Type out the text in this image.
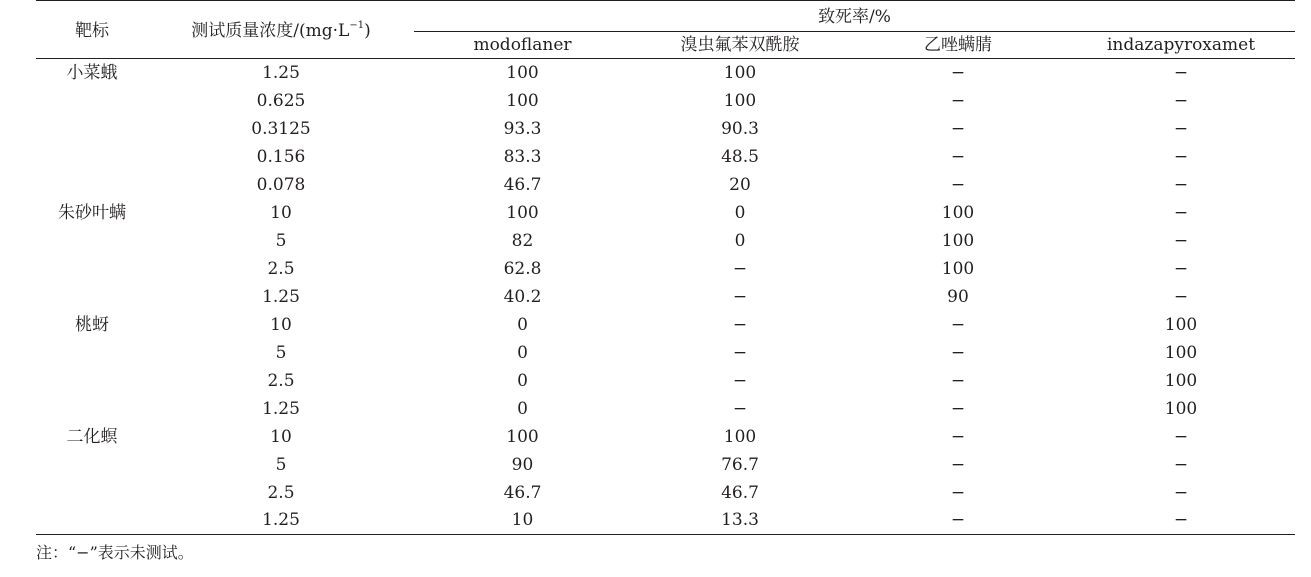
靶标	测试质量浓度$/(mg\cdot L^{-1})$	致死率/%			
		modoflaner	溴虫氟苯双酰胺	乙唑螨腈	indazapyroxamet
小菜蛾	1.25	100	100	−	−
	0.625	100	100	−	−
	0.3125	93.3	90.3	−	−
	0.156	83.3	48.5	−	−
	0.078	46.7	20	−	−
朱砂叶螨	10	100	0	100	−
	5	82	0	100	−
	2.5	62.8	−	100	−
	1.25	40.2	−	90	−
桃蚜	10	0	−	−	100
	5	0	−	−	100
	2.5	0	−	−	100
	1.25	0	−	−	100
二化螟	10	100	100	−	−
	5	90	76.7	−	−
	2.5	46.7	46.7	−	−
	1.25	10	13.3	−	−
注：“−”表示未测试。
